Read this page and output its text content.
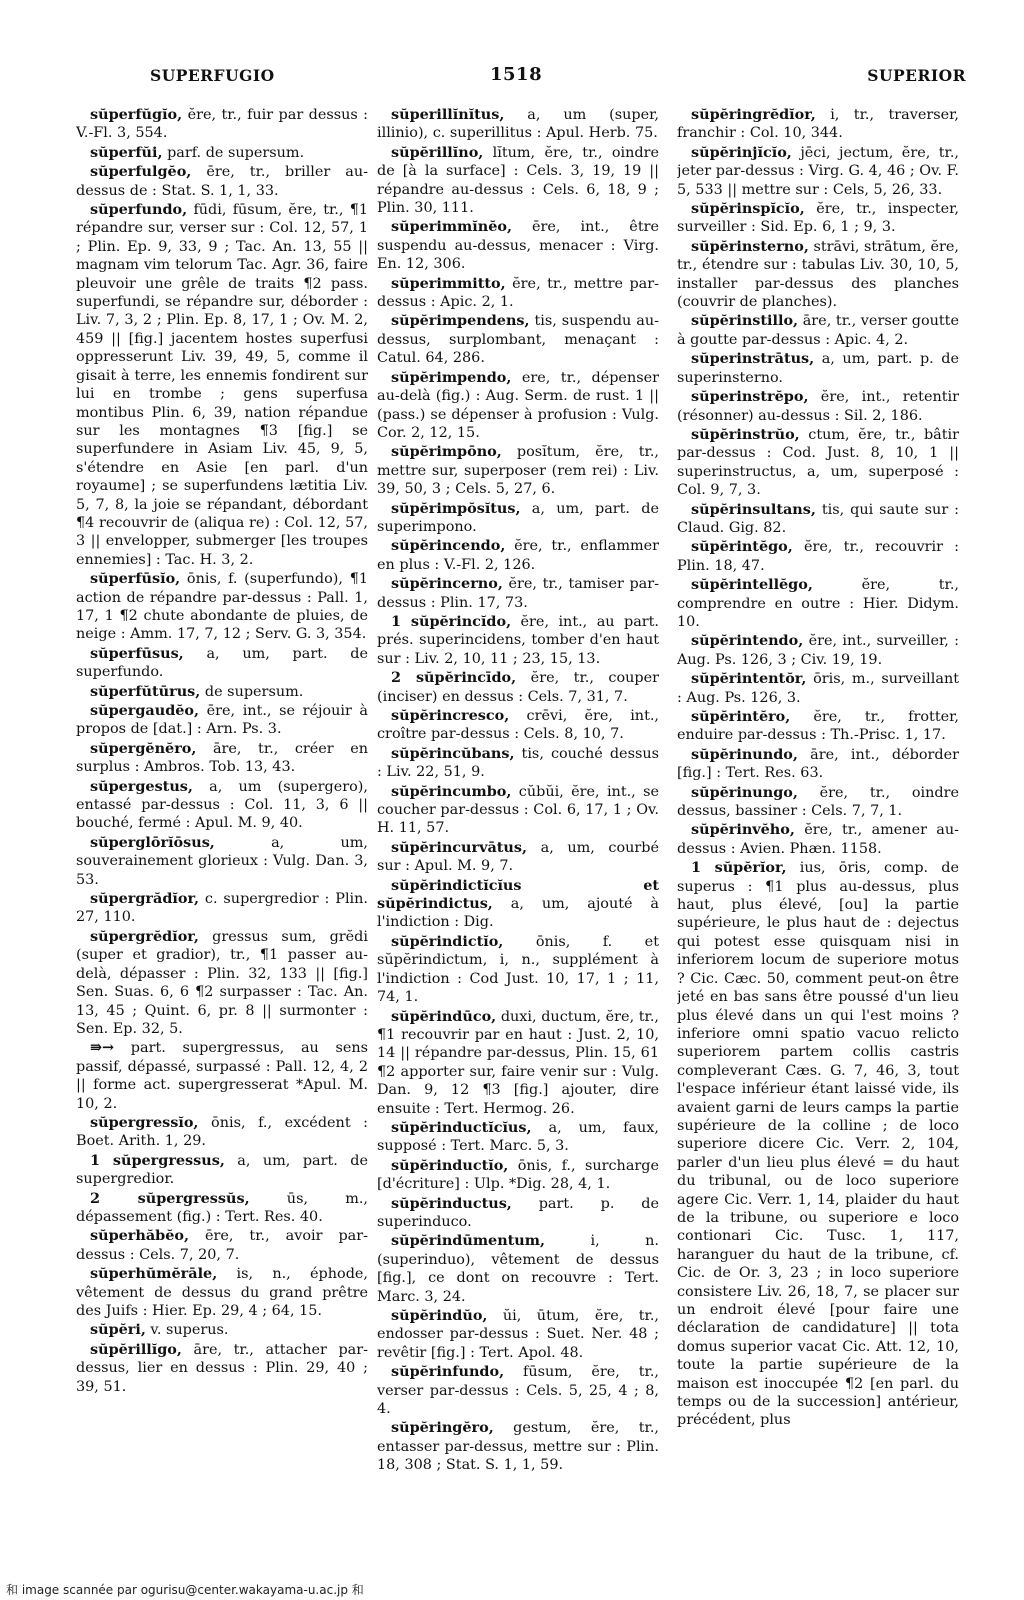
SUPERFUGIO	1518	SUPERIOR

sŭperfŭgĭo, ĕre, tr., fuir par dessus : V.-Fl. 3, 554.

sŭperfŭi, parf. de supersum.

sŭperfulgĕo, ēre, tr., briller au-dessus de : Stat. S. 1, 1, 33.

sŭperfundo, fūdi, fūsum, ĕre, tr., ¶1 répandre sur, verser sur : Col. 12, 57, 1 ; Plin. Ep. 9, 33, 9 ; Tac. An. 13, 55 || magnam vim telorum Tac. Agr. 36, faire pleuvoir une grêle de traits ¶2 pass. superfundi, se répandre sur, déborder : Liv. 7, 3, 2 ; Plin. Ep. 8, 17, 1 ; Ov. M. 2, 459 || [fig.] jacentem hostes superfusi oppresserunt Liv. 39, 49, 5, comme il gisait à terre, les ennemis fondirent sur lui en trombe ; gens superfusa montibus Plin. 6, 39, nation répandue sur les montagnes ¶3 [fig.] se superfundere in Asiam Liv. 45, 9, 5, s'étendre en Asie [en parl. d'un royaume] ; se superfundens lætitia Liv. 5, 7, 8, la joie se répandant, débordant ¶4 recouvrir de (aliqua re) : Col. 12, 57, 3 || envelopper, submerger [les troupes ennemies] : Tac. H. 3, 2.

sŭperfūsĭo, ōnis, f. (superfundo), ¶1 action de répandre par-dessus : Pall. 1, 17, 1 ¶2 chute abondante de pluies, de neige : Amm. 17, 7, 12 ; Serv. G. 3, 354.

sŭperfūsus, a, um, part. de superfundo.

sŭperfŭtūrus, de supersum.

sŭpergaudĕo, ēre, int., se réjouir à propos de [dat.] : Arn. Ps. 3.

sŭpergĕnĕro, āre, tr., créer en surplus : Ambros. Tob. 13, 43.

sŭpergestus, a, um (supergero), entassé par-dessus : Col. 11, 3, 6 || bouché, fermé : Apul. M. 9, 40.

sŭperglōrĭōsus,	a, um, souverainement glorieux : Vulg. Dan. 3, 53.

sŭpergrădĭor, c. supergredior : Plin. 27, 110.

sŭpergrĕdĭor, gressus sum, grĕdi (super et gradior), tr., ¶1 passer au-delà, dépasser : Plin. 32, 133 || [fig.] Sen. Suas. 6, 6 ¶2 surpasser : Tac. An. 13, 45 ; Quint. 6, pr. 8 || surmonter : Sen. Ep. 32, 5.

⇛→ part. supergressus, au sens passif, dépassé, surpassé : Pall. 12, 4, 2 || forme act. supergresserat *Apul. M. 10, 2.

sŭpergressĭo, ōnis, f., excédent : Boet. Arith. 1, 29.

1 sŭpergressus, a, um, part. de supergredior.

2 sŭpergressŭs,	ūs, m., dépassement (fig.) : Tert. Res. 40.

sŭperhăbĕo, ēre, tr., avoir par-dessus : Cels. 7, 20, 7.

sŭperhŭmĕrāle, is, n., éphode, vêtement de dessus du grand prêtre des Juifs : Hier. Ep. 29, 4 ; 64, 15.

sŭpĕri, v. superus.

sŭpĕrillĭgo, āre, tr., attacher par-dessus, lier en dessus : Plin. 29, 40 ; 39, 51.

sŭperillĭnĭtus, a, um (super, illinio), c. superillitus : Apul. Herb. 75.

sŭpĕrillĭno, lĭtum, ĕre, tr., oindre de [à la surface] : Cels. 3, 19, 19 || répandre au-dessus : Cels. 6, 18, 9 ; Plin. 30, 111.

sŭperimmĭnĕo, ēre, int., être suspendu au-dessus, menacer : Virg. En. 12, 306.

sŭperimmitto, ĕre, tr., mettre par-dessus : Apic. 2, 1.

sŭpĕrimpendens, tis, suspendu au-dessus, surplombant, menaçant : Catul. 64, 286.

sŭpĕrimpendo, ere, tr., dépenser au-delà (fig.) : Aug. Serm. de rust. 1 || (pass.) se dépenser à profusion : Vulg. Cor. 2, 12, 15.

sŭpĕrimpōno, posĭtum, ĕre, tr., mettre sur, superposer (rem rei) : Liv. 39, 50, 3 ; Cels. 5, 27, 6.

sŭpĕrimpŏsĭtus, a, um, part. de superimpono.

sŭpĕrincendo, ĕre, tr., enflammer en plus : V.-Fl. 2, 126.

sŭpĕrincerno, ĕre, tr., tamiser par-dessus : Plin. 17, 73.

1 sŭpĕrincĭdo, ĕre, int., au part. prés. superincidens, tomber d'en haut sur : Liv. 2, 10, 11 ; 23, 15, 13.

2 sŭpĕrincīdo, ĕre, tr., couper (inciser) en dessus : Cels. 7, 31, 7.

sŭpĕrincresco, crēvi, ĕre, int., croître par-dessus : Cels. 8, 10, 7.

sŭpĕrincŭbans, tis, couché dessus : Liv. 22, 51, 9.

sŭpĕrincumbo, cŭbŭi, ĕre, int., se coucher par-dessus : Col. 6, 17, 1 ; Ov. H. 11, 57.

sŭpĕrincurvātus, a, um, courbé sur : Apul. M. 9, 7.

sŭpĕrindictĭcĭus et sŭpĕrindictus, a, um, ajouté à l'indiction : Dig.

sŭpĕrindictĭo, ōnis, f. et sŭpĕrindictum, i, n., supplément à l'indiction : Cod Just. 10, 17, 1 ; 11, 74, 1.

sŭpĕrindūco, duxi, ductum, ĕre, tr., ¶1 recouvrir par en haut : Just. 2, 10, 14 || répandre par-dessus, Plin. 15, 61 ¶2 apporter sur, faire venir sur : Vulg. Dan. 9, 12 ¶3 [fig.] ajouter, dire ensuite : Tert. Hermog. 26.

sŭpĕrinductĭcĭus, a, um, faux, supposé : Tert. Marc. 5, 3.

sŭpĕrinductĭo, ōnis, f., surcharge [d'écriture] : Ulp. *Dig. 28, 4, 1.

sŭpĕrinductus, part. p. de superinduco.

sŭpĕrindūmentum,	i, n. (superinduo), vêtement de dessus [fig.], ce dont on recouvre : Tert. Marc. 3, 24.

sŭpĕrindŭo, ŭi, ūtum, ĕre, tr., endosser par-dessus : Suet. Ner. 48 ; revêtir [fig.] : Tert. Apol. 48.

sŭpĕrinfundo, fūsum, ĕre, tr., verser par-dessus : Cels. 5, 25, 4 ; 8, 4.

sŭpĕringĕro, gestum, ĕre, tr., entasser par-dessus, mettre sur : Plin. 18, 308 ; Stat. S. 1, 1, 59.

sŭpĕringrĕdĭor, i, tr., traverser, franchir : Col. 10, 344.

sŭpĕrinjĭcĭo, jēci, jectum, ĕre, tr., jeter par-dessus : Virg. G. 4, 46 ; Ov. F. 5, 533 || mettre sur : Cels, 5, 26, 33.

sŭpĕrinspĭcĭo, ĕre, tr., inspecter, surveiller : Sid. Ep. 6, 1 ; 9, 3.

sŭpĕrinsterno, strāvi, strātum, ĕre, tr., étendre sur : tabulas Liv. 30, 10, 5, installer par-dessus des planches (couvrir de planches).

sŭpĕrinstillo, āre, tr., verser goutte à goutte par-dessus : Apic. 4, 2.

sŭperinstrātus, a, um, part. p. de superinsterno.

sŭperinstrĕpo, ĕre, int., retentir (résonner) au-dessus : Sil. 2, 186.

sŭpĕrinstrŭo, ctum, ĕre, tr., bâtir par-dessus : Cod. Just. 8, 10, 1 || superinstructus, a, um, superposé : Col. 9, 7, 3.

sŭpĕrinsultans, tis, qui saute sur : Claud. Gig. 82.

sŭpĕrintĕgo, ĕre, tr., recouvrir : Plin. 18, 47.

sŭpĕrintellĕgo,	ĕre, tr., comprendre en outre : Hier. Didym. 10.

sŭpĕrintendo, ĕre, int., surveiller, : Aug. Ps. 126, 3 ; Civ. 19, 19.

sŭpĕrintentŏr, ōris, m., surveillant : Aug. Ps. 126, 3.

sŭpĕrintĕro, ĕre, tr., frotter, enduire par-dessus : Th.-Prisc. 1, 17.

sŭpĕrinundo, āre, int., déborder [fig.] : Tert. Res. 63.

sŭpĕrinungo, ĕre, tr., oindre dessus, bassiner : Cels. 7, 7, 1.

sŭpĕrinvĕho, ĕre, tr., amener au-dessus : Avien. Phæn. 1158.

1 sŭpĕrĭor, ius, ōris, comp. de superus : ¶1 plus au-dessus, plus haut, plus élevé, [ou] la partie supérieure, le plus haut de : dejectus qui potest esse quisquam nisi in inferiorem locum de superiore motus ? Cic. Cæc. 50, comment peut-on être jeté en bas sans être poussé d'un lieu plus élevé dans un qui l'est moins ? inferiore omni spatio vacuo relicto superiorem partem collis castris compleverant Cæs. G. 7, 46, 3, tout l'espace inférieur étant laissé vide, ils avaient garni de leurs camps la partie supérieure de la colline ; de loco superiore dicere Cic. Verr. 2, 104, parler d'un lieu plus élevé = du haut du tribunal, ou de loco superiore agere Cic. Verr. 1, 14, plaider du haut de la tribune, ou superiore e loco contionari Cic. Tusc. 1, 117, haranguer du haut de la tribune, cf. Cic. de Or. 3, 23 ; in loco superiore consistere Liv. 26, 18, 7, se placer sur un endroit élevé [pour faire une déclaration de candidature] || tota domus superior vacat Cic. Att. 12, 10, toute la partie supérieure de la maison est inoccupée ¶2 [en parl. du temps ou de la succession] antérieur, précédent, plus

和 image scannée par ogurisu@center.wakayama-u.ac.jp 和
